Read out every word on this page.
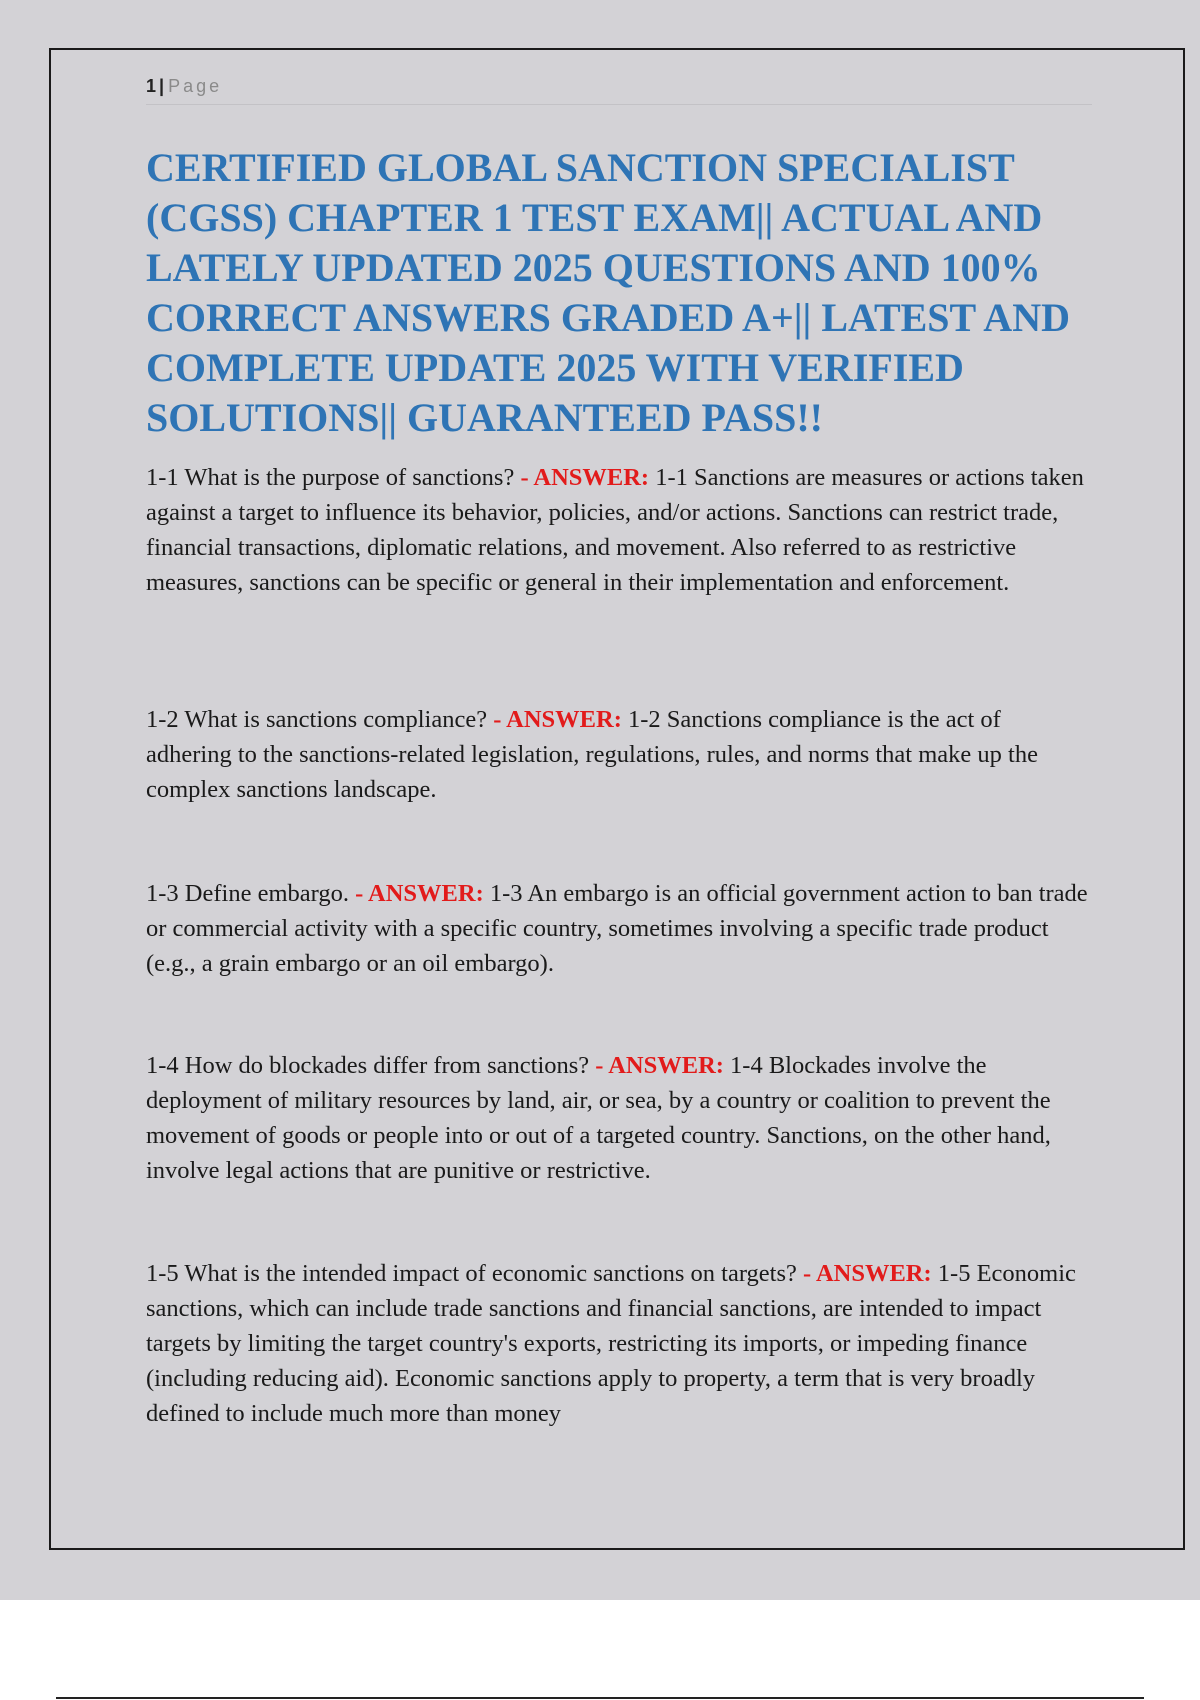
1 | Page
CERTIFIED GLOBAL SANCTION SPECIALIST (CGSS) CHAPTER 1 TEST EXAM|| ACTUAL AND LATELY UPDATED 2025 QUESTIONS AND 100% CORRECT ANSWERS GRADED A+|| LATEST AND COMPLETE UPDATE 2025 WITH VERIFIED SOLUTIONS|| GUARANTEED PASS!!

1-1 What is the purpose of sanctions? - ANSWER: 1-1 Sanctions are measures or actions taken against a target to influence its behavior, policies, and/or actions. Sanctions can restrict trade, financial transactions, diplomatic relations, and movement. Also referred to as restrictive measures, sanctions can be specific or general in their implementation and enforcement.

1-2 What is sanctions compliance? - ANSWER: 1-2 Sanctions compliance is the act of adhering to the sanctions-related legislation, regulations, rules, and norms that make up the complex sanctions landscape.

1-3 Define embargo. - ANSWER: 1-3 An embargo is an official government action to ban trade or commercial activity with a specific country, sometimes involving a specific trade product (e.g., a grain embargo or an oil embargo).

1-4 How do blockades differ from sanctions? - ANSWER: 1-4 Blockades involve the deployment of military resources by land, air, or sea, by a country or coalition to prevent the movement of goods or people into or out of a targeted country. Sanctions, on the other hand, involve legal actions that are punitive or restrictive.

1-5 What is the intended impact of economic sanctions on targets? - ANSWER: 1-5 Economic sanctions, which can include trade sanctions and financial sanctions, are intended to impact targets by limiting the target country's exports, restricting its imports, or impeding finance (including reducing aid). Economic sanctions apply to property, a term that is very broadly defined to include much more than money
